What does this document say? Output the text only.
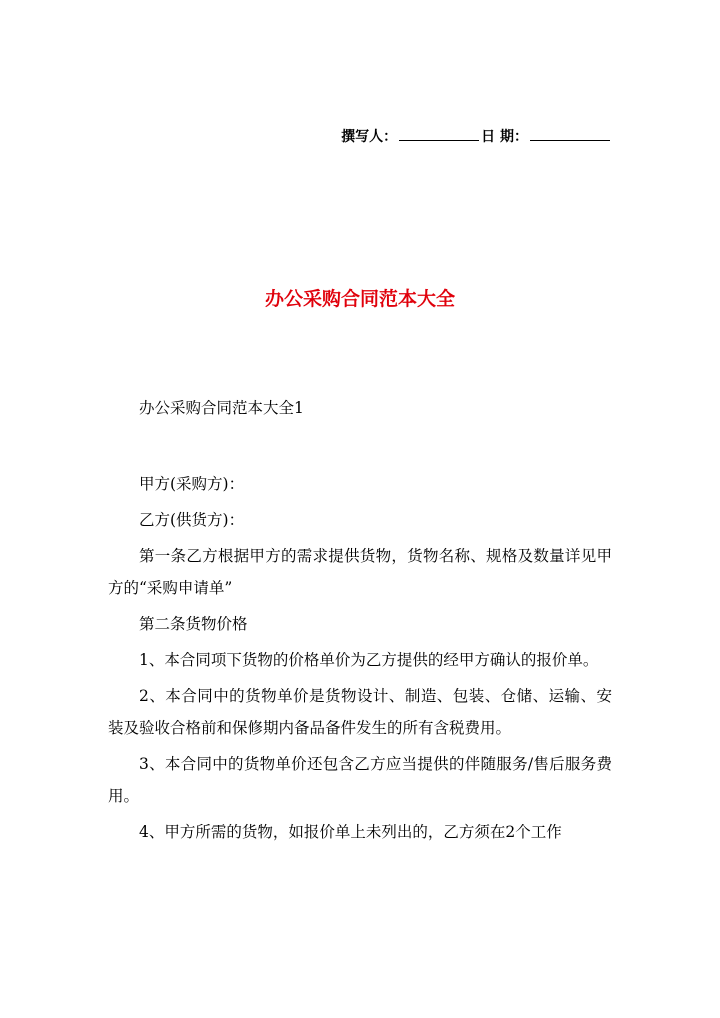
撰写人：	日 期：
办公采购合同范本大全

办公采购合同范本大全1

甲方(采购方)：

乙方(供货方)：

第一条乙方根据甲方的需求提供货物，货物名称、规格及数量详见甲方的“采购申请单”

第二条货物价格

1、本合同项下货物的价格单价为乙方提供的经甲方确认的报价单。

2、本合同中的货物单价是货物设计、制造、包装、仓储、运输、安装及验收合格前和保修期内备品备件发生的所有含税费用。

3、本合同中的货物单价还包含乙方应当提供的伴随服务/售后服务费用。

4、甲方所需的货物，如报价单上未列出的，乙方须在2个工作
